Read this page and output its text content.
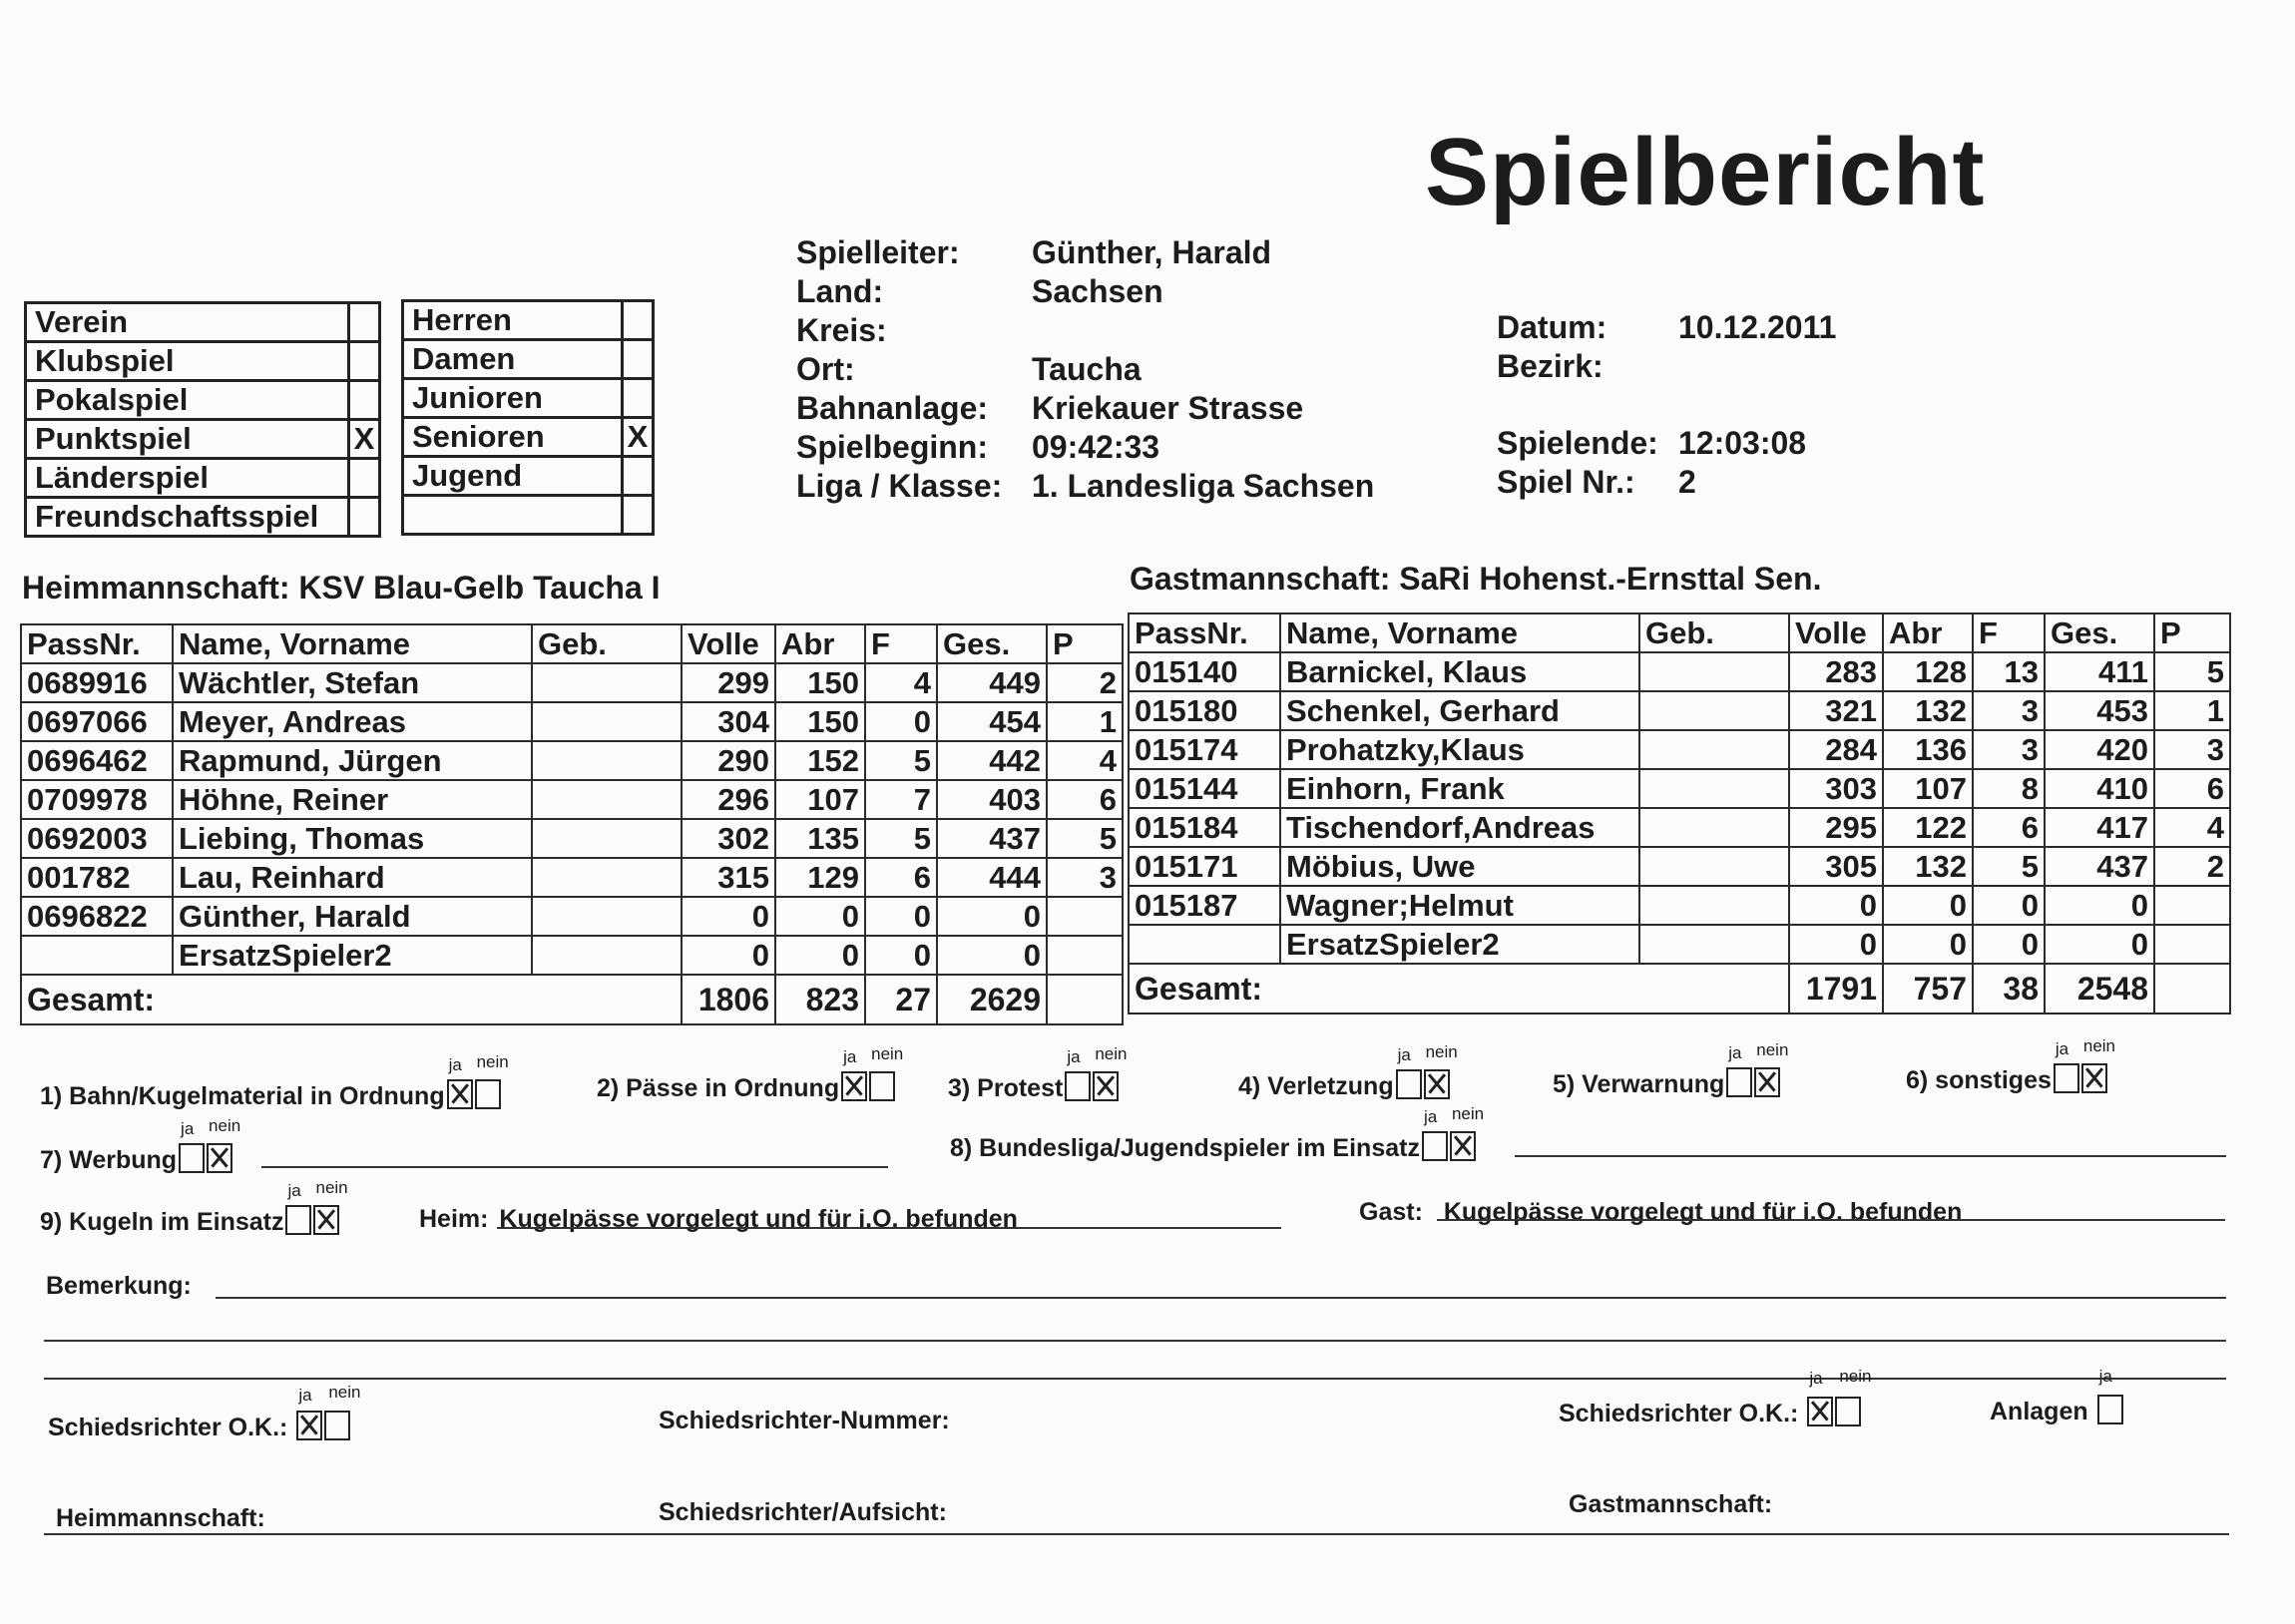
Spielbericht
Verein	
Klubspiel	
Pokalspiel	
Punktspiel	X
Länderspiel	
Freundschaftsspiel	
Herren	
Damen	
Junioren	
Senioren	X
Jugend	

Spielleiter: Günther, Harald
Land:	Sachsen
Kreis:
Ort:	Taucha
Bahnanlage: Kriekauer Strasse
Spielbeginn: 09:42:33
Liga / Klasse: 1. Landesliga Sachsen
Datum: 10.12.2011
Bezirk:
Spielende: 12:03:08
Spiel Nr.: 2
Heimmannschaft: KSV Blau-Gelb Taucha I	Gastmannschaft: SaRi Hohenst.-Ernsttal Sen.
PassNr.	Name, Vorname	Geb.	Volle	Abr	F	Ges.	P
0689916	Wächtler, Stefan		299	150	4	449	2
0697066	Meyer, Andreas		304	150	0	454	1
0696462	Rapmund, Jürgen		290	152	5	442	4
0709978	Höhne, Reiner		296	107	7	403	6
0692003	Liebing, Thomas		302	135	5	437	5
001782	Lau, Reinhard		315	129	6	444	3
0696822	Günther, Harald		0	0	0	0	
	ErsatzSpieler2		0	0	0	0	
Gesamt:			1806	823	27	2629	
PassNr.	Name, Vorname	Geb.	Volle	Abr	F	Ges.	P
015140	Barnickel, Klaus		283	128	13	411	5
015180	Schenkel, Gerhard		321	132	3	453	1
015174	Prohatzky,Klaus		284	136	3	420	3
015144	Einhorn, Frank		303	107	8	410	6
015184	Tischendorf,Andreas		295	122	6	417	4
015171	Möbius, Uwe		305	132	5	437	2
015187	Wagner;Helmut		0	0	0	0	
	ErsatzSpieler2		0	0	0	0	
Gesamt:			1791	757	38	2548	
1) Bahn/Kugelmaterial in Ordnung
ja nein
2) Pässe in Ordnung
ja nein
3) Protest
ja nein
4) Verletzung
ja nein
5) Verwarnung
ja nein
6) sonstiges
ja nein
7) Werbung
ja nein
8) Bundesliga/Jugendspieler im Einsatz
ja nein
9) Kugeln im Einsatz
ja nein
Heim: Kugelpässe vorgelegt und für i.O. befunden	Gast: Kugelpässe vorgelegt und für i.O. befunden
Bemerkung:
Schiedsrichter O.K.:
ja nein
Schiedsrichter-Nummer:	Schiedsrichter O.K.:
ja nein
Anlagen
ja
Heimmannschaft:	Schiedsrichter/Aufsicht:	Gastmannschaft:
